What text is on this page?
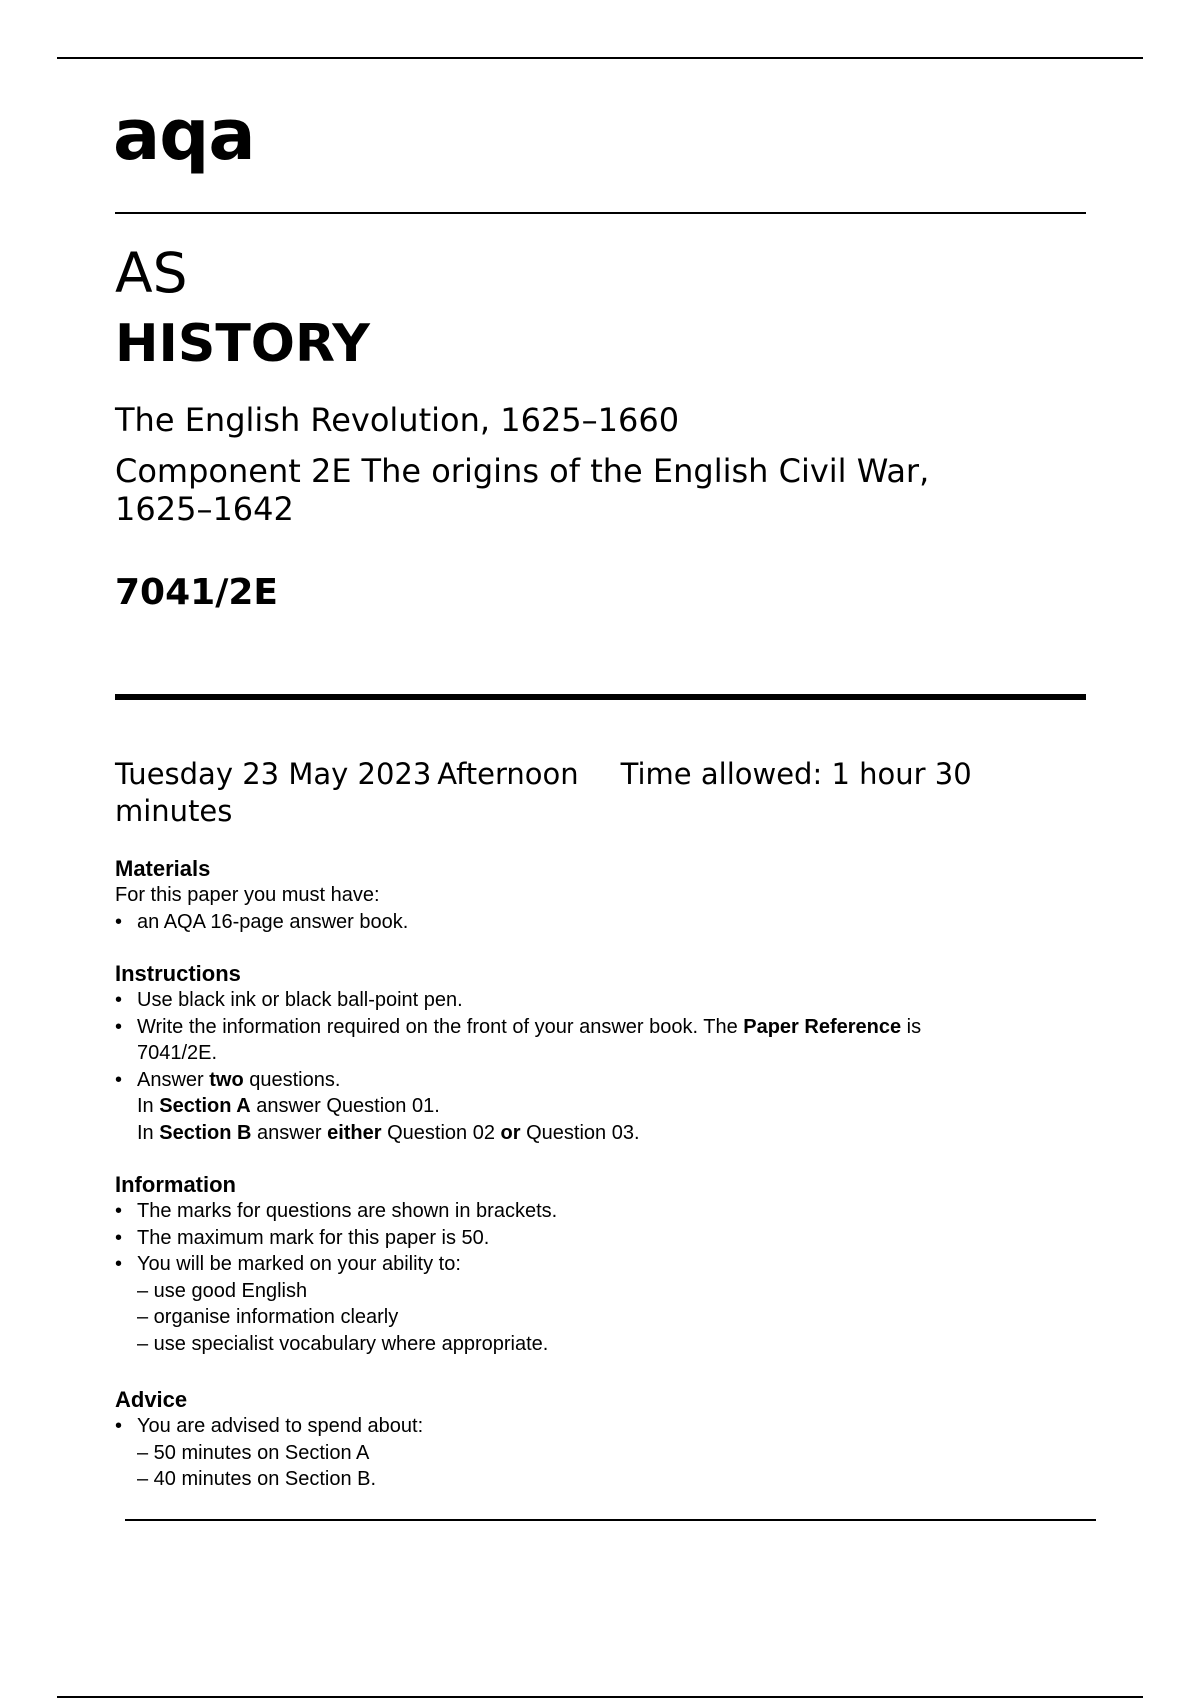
aqa
AS
HISTORY
The English Revolution, 1625–1660
Component 2E The origins of the English Civil War,
1625–1642
7041/2E
Tuesday 23 May 2023 Afternoon Time allowed: 1 hour 30
minutes
Materials
For this paper you must have:
• an AQA 16-page answer book.
Instructions
• Use black ink or black ball-point pen.
• Write the information required on the front of your answer book. The Paper Reference is
7041/2E.
• Answer two questions.
In Section A answer Question 01.
In Section B answer either Question 02 or Question 03.
Information
• The marks for questions are shown in brackets.
• The maximum mark for this paper is 50.
• You will be marked on your ability to:
– use good English
– organise information clearly
– use specialist vocabulary where appropriate.
Advice
• You are advised to spend about:
– 50 minutes on Section A
– 40 minutes on Section B.
